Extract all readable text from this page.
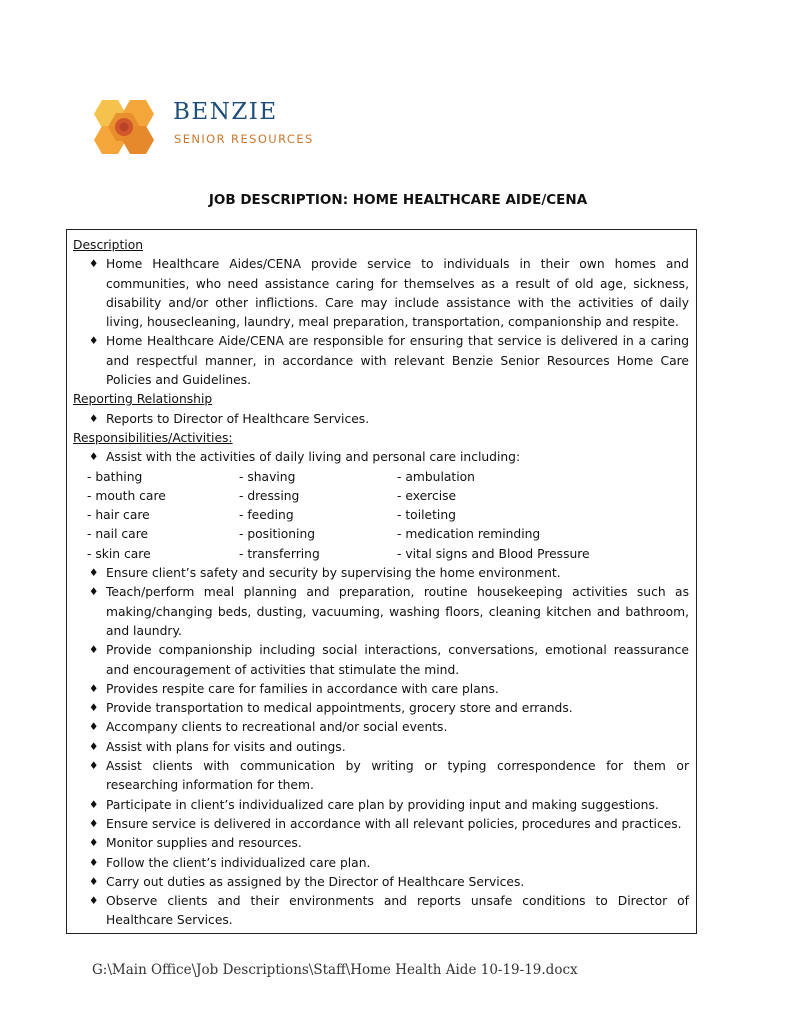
BENZIE
SENIOR RESOURCES
JOB DESCRIPTION: HOME HEALTHCARE AIDE/CENA
Description
♦ Home Healthcare Aides/CENA provide service to individuals in their own homes and communities, who need assistance caring for themselves as a result of old age, sickness, disability and/or other inflictions. Care may include assistance with the activities of daily living, housecleaning, laundry, meal preparation, transportation, companionship and respite.
♦ Home Healthcare Aide/CENA are responsible for ensuring that service is delivered in a caring and respectful manner, in accordance with relevant Benzie Senior Resources Home Care Policies and Guidelines.
Reporting Relationship
♦ Reports to Director of Healthcare Services.
Responsibilities/Activities:
♦ Assist with the activities of daily living and personal care including:
- bathing	- shaving	- ambulation
- mouth care	- dressing	- exercise
- hair care	- feeding	- toileting
- nail care	- positioning	- medication reminding
- skin care	- transferring	- vital signs and Blood Pressure
♦ Ensure client’s safety and security by supervising the home environment.
♦ Teach/perform meal planning and preparation, routine housekeeping activities such as making/changing beds, dusting, vacuuming, washing floors, cleaning kitchen and bathroom, and laundry.
♦ Provide companionship including social interactions, conversations, emotional reassurance and encouragement of activities that stimulate the mind.
♦ Provides respite care for families in accordance with care plans.
♦ Provide transportation to medical appointments, grocery store and errands.
♦ Accompany clients to recreational and/or social events.
♦ Assist with plans for visits and outings.
♦ Assist clients with communication by writing or typing correspondence for them or researching information for them.
♦ Participate in client’s individualized care plan by providing input and making suggestions.
♦ Ensure service is delivered in accordance with all relevant policies, procedures and practices.
♦ Monitor supplies and resources.
♦ Follow the client’s individualized care plan.
♦ Carry out duties as assigned by the Director of Healthcare Services.
♦ Observe clients and their environments and reports unsafe conditions to Director of Healthcare Services.
G:\Main Office\Job Descriptions\Staff\Home Health Aide 10-19-19.docx
